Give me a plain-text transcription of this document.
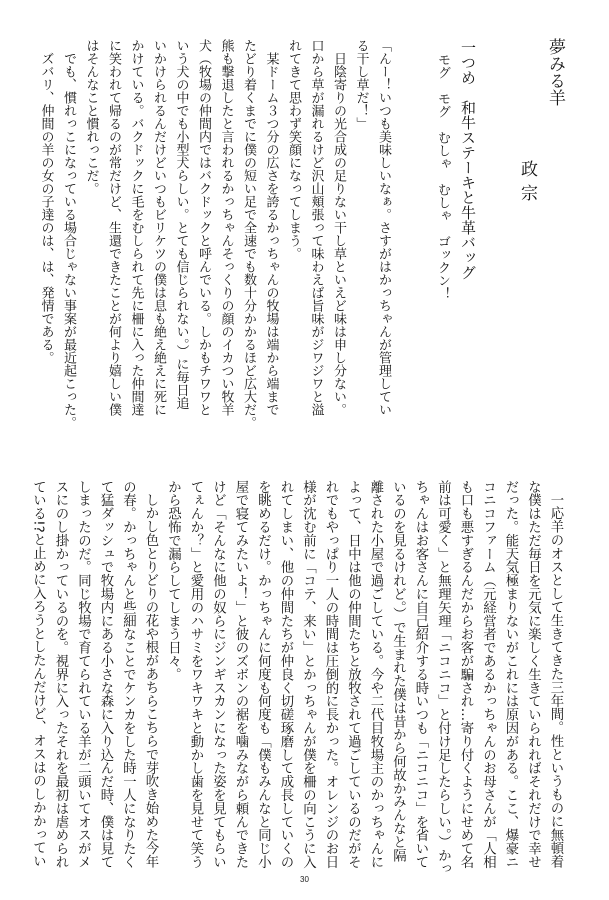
夢みる羊
政宗
一つめ　和牛ステーキと牛革バッグ
モグ　モグ　むしゃ　むしゃ　ゴックン！
「んー！いつも美味しいなぁ。さすがはかっちゃんが管理してい
る干し草だ！」
日陰寄りの光合成の足りない干し草といえど味は申し分ない。
口から草が漏れるけど沢山頬張って味わえば旨味がジワジワと溢
れてきて思わず笑顔になってしまう。
某ドーム３つ分の広さを誇るかっちゃんの牧場は端から端まで
たどり着くまでに僕の短い足で全速でも数十分かかるほど広大だ。
熊も撃退したと言われるかっちゃんそっくりの顔のイカつい牧羊
犬（牧場の仲間内ではバクドックと呼んでいる。しかもチワワと
いう犬の中でも小型犬らしい。とても信じられない。）に毎日追
いかけられるんだけどいつもビリケツの僕は息も絶え絶えに死に
かけている。バクドックに毛をむしられて先に柵に入った仲間達
に笑われて帰るのが常だけど、生還できたことが何より嬉しい僕
はそんなこと慣れっこだ。
でも、慣れっこになっている場合じゃない事案が最近起こった。
ズバリ、仲間の羊の女の子達のは、は、発情である。
一応羊のオスとして生きてきた三年間。性というものに無頓着
な僕はただ毎日を元気に楽しく生きていられればそれだけで幸せ
だった。能天気極まりないがこれには原因がある。ここ、爆豪ニ
コニコファーム（元経営者であるかっちゃんのお母さんが「人相
も口も悪すぎるんだからお客が騙され…寄り付くようにせめて名
前は可愛く」と無理矢理「ニコニコ」と付け足したらしい。）かっ
ちゃんはお客さんに自己紹介する時いつも「ニコニコ」を省いて
いるのを見るけれど。）で生まれた僕は昔から何故かみんなと隔
離された小屋で過ごしている。今や二代目牧場主のかっちゃんに
よって、日中は他の仲間たちと放牧されて過ごしているのだがそ
れでもやっぱり一人の時間は圧倒的に長かった。オレンジのお日
様が沈む前に「コテ、来い」とかっちゃんが僕を柵の向こうに入
れてしまい、他の仲間たちが仲良く切磋琢磨して成長していくの
を眺めるだけ。かっちゃんに何度も何度も「僕もみんなと同じ小
屋で寝てみたいよ！」と彼のズボンの裾を噛みながら頼んできた
けど「そんなに他の奴らにジンギスカンになった姿を見てもらい
てぇんか？」と愛用のハサミをワキワキと動かし歯を見せて笑う
から恐怖で漏らしてしまう日々。
しかし色とりどりの花や根があちらこちらで芽吹き始めた今年
の春。かっちゃんと些細なことでケンカをした時一人になりたく
て猛ダッシュで牧場内にある小さな森に入り込んだ時、僕は見て
しまったのだ。同じ牧場で育てられている羊が二頭いてオスがメ
スにのし掛かっているのを。視界に入ったそれを最初は虐められ
ている!?と止めに入ろうとしたんだけど、オスはのしかかってい
30
